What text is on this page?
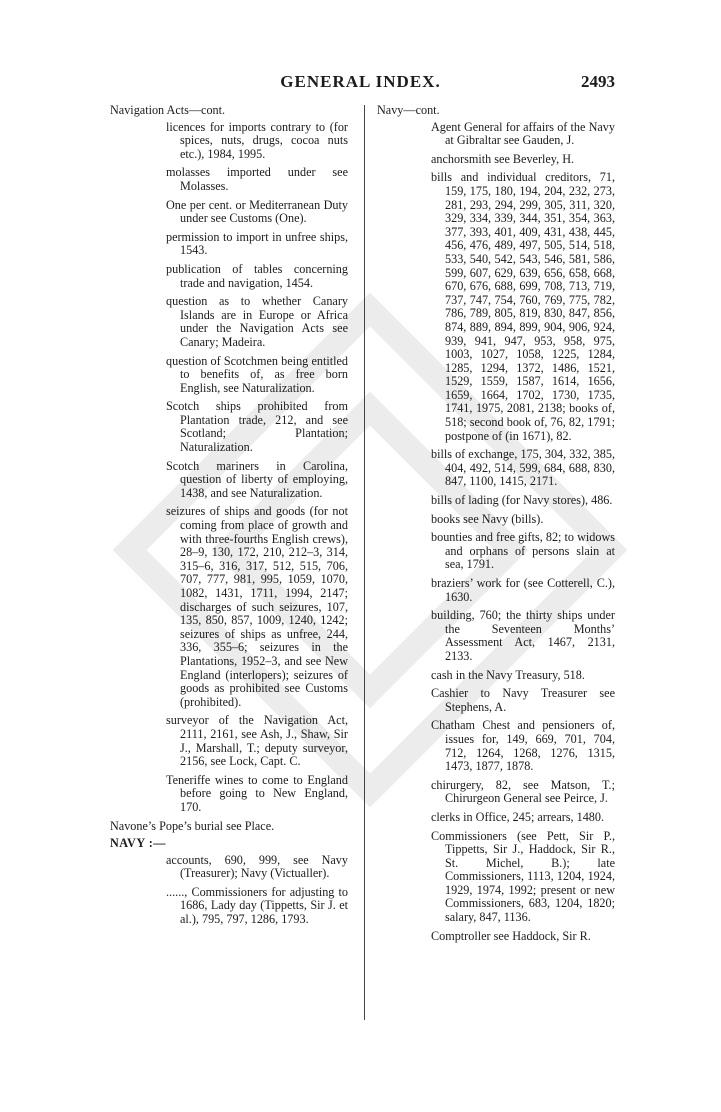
GENERAL INDEX.	2493

Navigation Acts—cont.

licences for imports contrary to (for spices, nuts, drugs, cocoa nuts etc.), 1984, 1995.

molasses imported under see Molasses.

One per cent. or Mediterranean Duty under see Customs (One).

permission to import in unfree ships, 1543.

publication of tables concerning trade and navigation, 1454.

question as to whether Canary Islands are in Europe or Africa under the Navigation Acts see Canary; Madeira.

question of Scotchmen being entitled to benefits of, as free born English, see Naturalization.

Scotch ships prohibited from Plantation trade, 212, and see Scotland; Plantation; Naturalization.

Scotch mariners in Carolina, question of liberty of employing, 1438, and see Naturalization.

seizures of ships and goods (for not coming from place of growth and with three-fourths English crews), 28–9, 130, 172, 210, 212–3, 314, 315–6, 316, 317, 512, 515, 706, 707, 777, 981, 995, 1059, 1070, 1082, 1431, 1711, 1994, 2147; discharges of such seizures, 107, 135, 850, 857, 1009, 1240, 1242; seizures of ships as unfree, 244, 336, 355–6; seizures in the Plantations, 1952–3, and see New England (interlopers); seizures of goods as prohibited see Customs (prohibited).

surveyor of the Navigation Act, 2111, 2161, see Ash, J., Shaw, Sir J., Marshall, T.; deputy surveyor, 2156, see Lock, Capt. C.

Teneriffe wines to come to England before going to New England, 170.

Navone’s Pope’s burial see Place.

NAVY :—

accounts, 690, 999, see Navy (Treasurer); Navy (Victualler).

......, Commissioners for adjusting to 1686, Lady day (Tippetts, Sir J. et al.), 795, 797, 1286, 1793.

Navy—cont.

Agent General for affairs of the Navy at Gibraltar see Gauden, J.

anchorsmith see Beverley, H.

bills and individual creditors, 71, 159, 175, 180, 194, 204, 232, 273, 281, 293, 294, 299, 305, 311, 320, 329, 334, 339, 344, 351, 354, 363, 377, 393, 401, 409, 431, 438, 445, 456, 476, 489, 497, 505, 514, 518, 533, 540, 542, 543, 546, 581, 586, 599, 607, 629, 639, 656, 658, 668, 670, 676, 688, 699, 708, 713, 719, 737, 747, 754, 760, 769, 775, 782, 786, 789, 805, 819, 830, 847, 856, 874, 889, 894, 899, 904, 906, 924, 939, 941, 947, 953, 958, 975, 1003, 1027, 1058, 1225, 1284, 1285, 1294, 1372, 1486, 1521, 1529, 1559, 1587, 1614, 1656, 1659, 1664, 1702, 1730, 1735, 1741, 1975, 2081, 2138; books of, 518; second book of, 76, 82, 1791; postpone of (in 1671), 82.

bills of exchange, 175, 304, 332, 385, 404, 492, 514, 599, 684, 688, 830, 847, 1100, 1415, 2171.

bills of lading (for Navy stores), 486.

books see Navy (bills).

bounties and free gifts, 82; to widows and orphans of persons slain at sea, 1791.

braziers’ work for (see Cotterell, C.), 1630.

building, 760; the thirty ships under the Seventeen Months’ Assessment Act, 1467, 2131, 2133.

cash in the Navy Treasury, 518.

Cashier to Navy Treasurer see Stephens, A.

Chatham Chest and pensioners of, issues for, 149, 669, 701, 704, 712, 1264, 1268, 1276, 1315, 1473, 1877, 1878.

chirurgery, 82, see Matson, T.; Chirurgeon General see Peirce, J.

clerks in Office, 245; arrears, 1480.

Commissioners (see Pett, Sir P., Tippetts, Sir J., Haddock, Sir R., St. Michel, B.); late Commissioners, 1113, 1204, 1924, 1929, 1974, 1992; present or new Commissioners, 683, 1204, 1820; salary, 847, 1136.

Comptroller see Haddock, Sir R.
